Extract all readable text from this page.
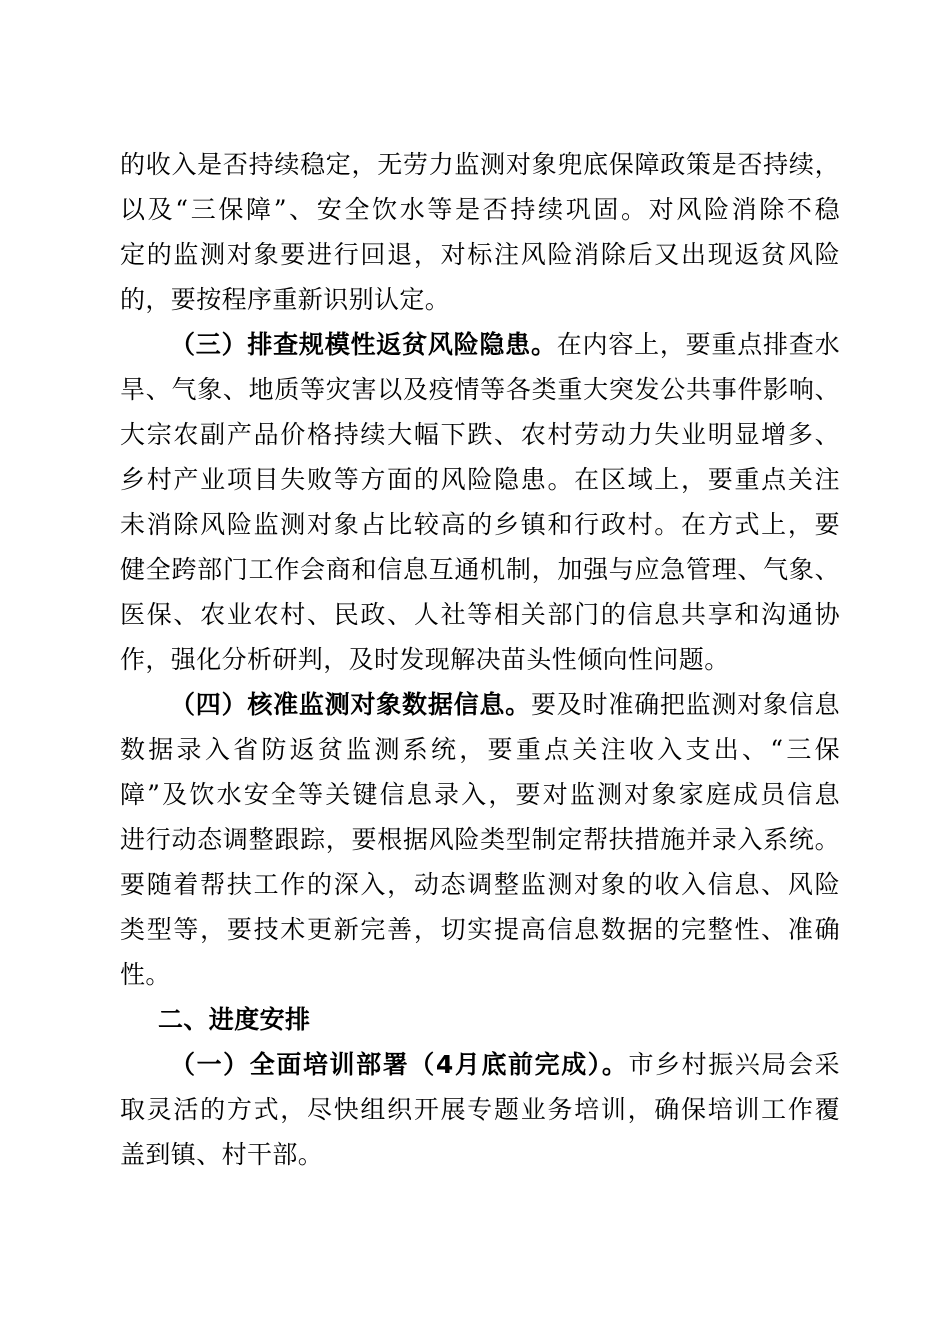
的收入是否持续稳定，无劳力监测对象兜底保障政策是否持续，
以及“三保障”、安全饮水等是否持续巩固。对风险消除不稳
定的监测对象要进行回退，对标注风险消除后又出现返贫风险
的，要按程序重新识别认定。
（三）排查规模性返贫风险隐患。在内容上，要重点排查水
旱、气象、地质等灾害以及疫情等各类重大突发公共事件影响、
大宗农副产品价格持续大幅下跌、农村劳动力失业明显增多、
乡村产业项目失败等方面的风险隐患。在区域上，要重点关注
未消除风险监测对象占比较高的乡镇和行政村。在方式上，要
健全跨部门工作会商和信息互通机制，加强与应急管理、气象、
医保、农业农村、民政、人社等相关部门的信息共享和沟通协
作，强化分析研判，及时发现解决苗头性倾向性问题。
（四）核准监测对象数据信息。要及时准确把监测对象信息
数据录入省防返贫监测系统，要重点关注收入支出、“三保
障”及饮水安全等关键信息录入，要对监测对象家庭成员信息
进行动态调整跟踪，要根据风险类型制定帮扶措施并录入系统。
要随着帮扶工作的深入，动态调整监测对象的收入信息、风险
类型等，要技术更新完善，切实提高信息数据的完整性、准确
性。
二、进度安排
（一）全面培训部署（4月底前完成）。市乡村振兴局会采
取灵活的方式，尽快组织开展专题业务培训，确保培训工作覆
盖到镇、村干部。
